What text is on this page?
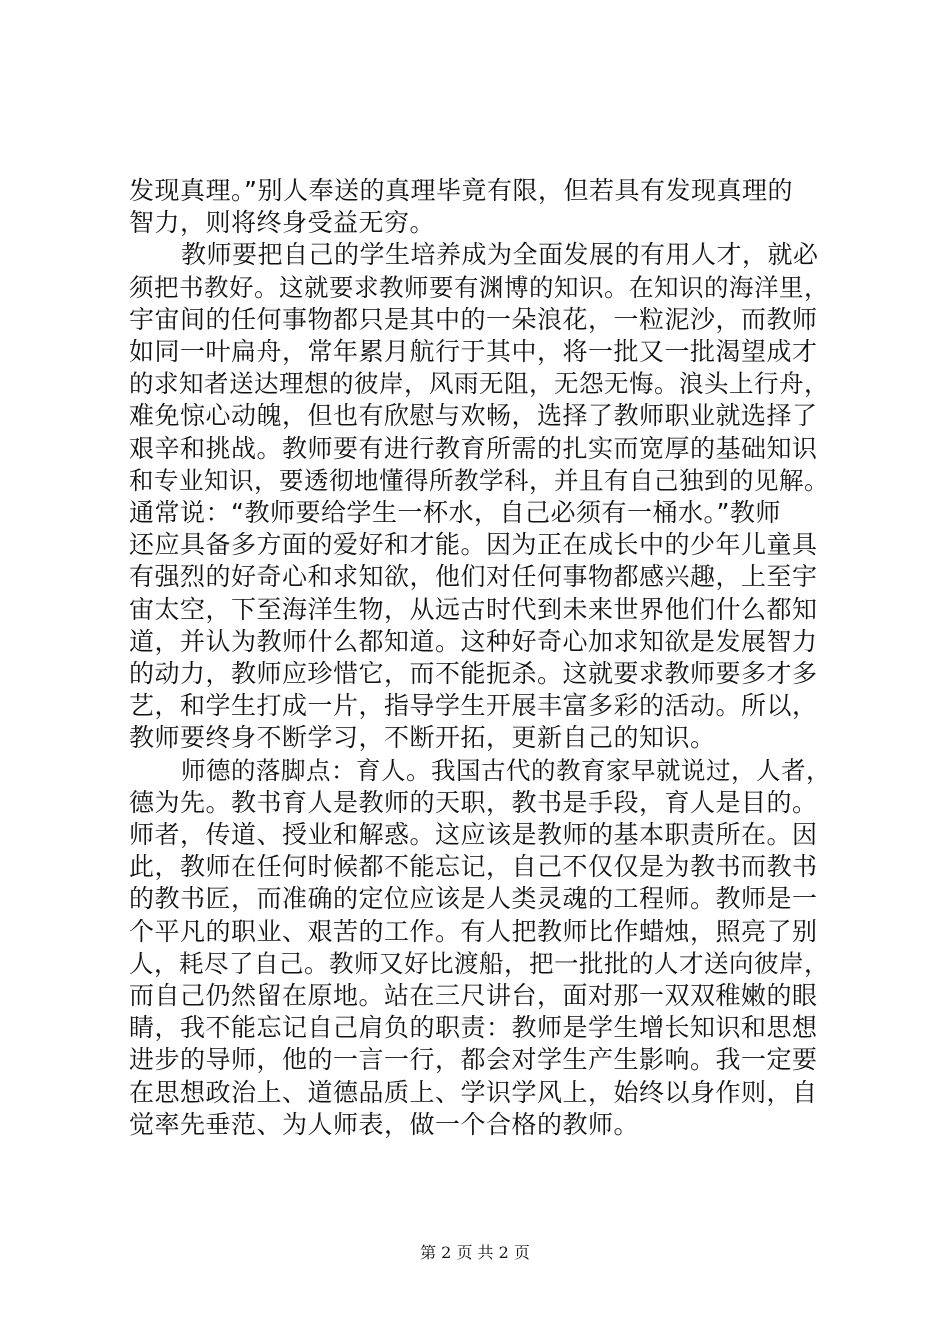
发现真理。”别人奉送的真理毕竟有限，但若具有发现真理的
智力，则将终身受益无穷。
教师要把自己的学生培养成为全面发展的有用人才，就必
须把书教好。这就要求教师要有渊博的知识。在知识的海洋里，
宇宙间的任何事物都只是其中的一朵浪花，一粒泥沙，而教师
如同一叶扁舟，常年累月航行于其中，将一批又一批渴望成才
的求知者送达理想的彼岸，风雨无阻，无怨无悔。浪头上行舟，
难免惊心动魄，但也有欣慰与欢畅，选择了教师职业就选择了
艰辛和挑战。教师要有进行教育所需的扎实而宽厚的基础知识
和专业知识，要透彻地懂得所教学科，并且有自己独到的见解。
通常说：“教师要给学生一杯水，自己必须有一桶水。”教师
还应具备多方面的爱好和才能。因为正在成长中的少年儿童具
有强烈的好奇心和求知欲，他们对任何事物都感兴趣，上至宇
宙太空，下至海洋生物，从远古时代到未来世界他们什么都知
道，并认为教师什么都知道。这种好奇心加求知欲是发展智力
的动力，教师应珍惜它，而不能扼杀。这就要求教师要多才多
艺，和学生打成一片，指导学生开展丰富多彩的活动。所以，
教师要终身不断学习，不断开拓，更新自己的知识。
师德的落脚点：育人。我国古代的教育家早就说过，人者，
德为先。教书育人是教师的天职，教书是手段，育人是目的。
师者，传道、授业和解惑。这应该是教师的基本职责所在。因
此，教师在任何时候都不能忘记，自己不仅仅是为教书而教书
的教书匠，而准确的定位应该是人类灵魂的工程师。教师是一
个平凡的职业、艰苦的工作。有人把教师比作蜡烛，照亮了别
人，耗尽了自己。教师又好比渡船，把一批批的人才送向彼岸，
而自己仍然留在原地。站在三尺讲台，面对那一双双稚嫩的眼
睛，我不能忘记自己肩负的职责：教师是学生增长知识和思想
进步的导师，他的一言一行，都会对学生产生影响。我一定要
在思想政治上、道德品质上、学识学风上，始终以身作则，自
觉率先垂范、为人师表，做一个合格的教师。
第 2 页 共 2 页
